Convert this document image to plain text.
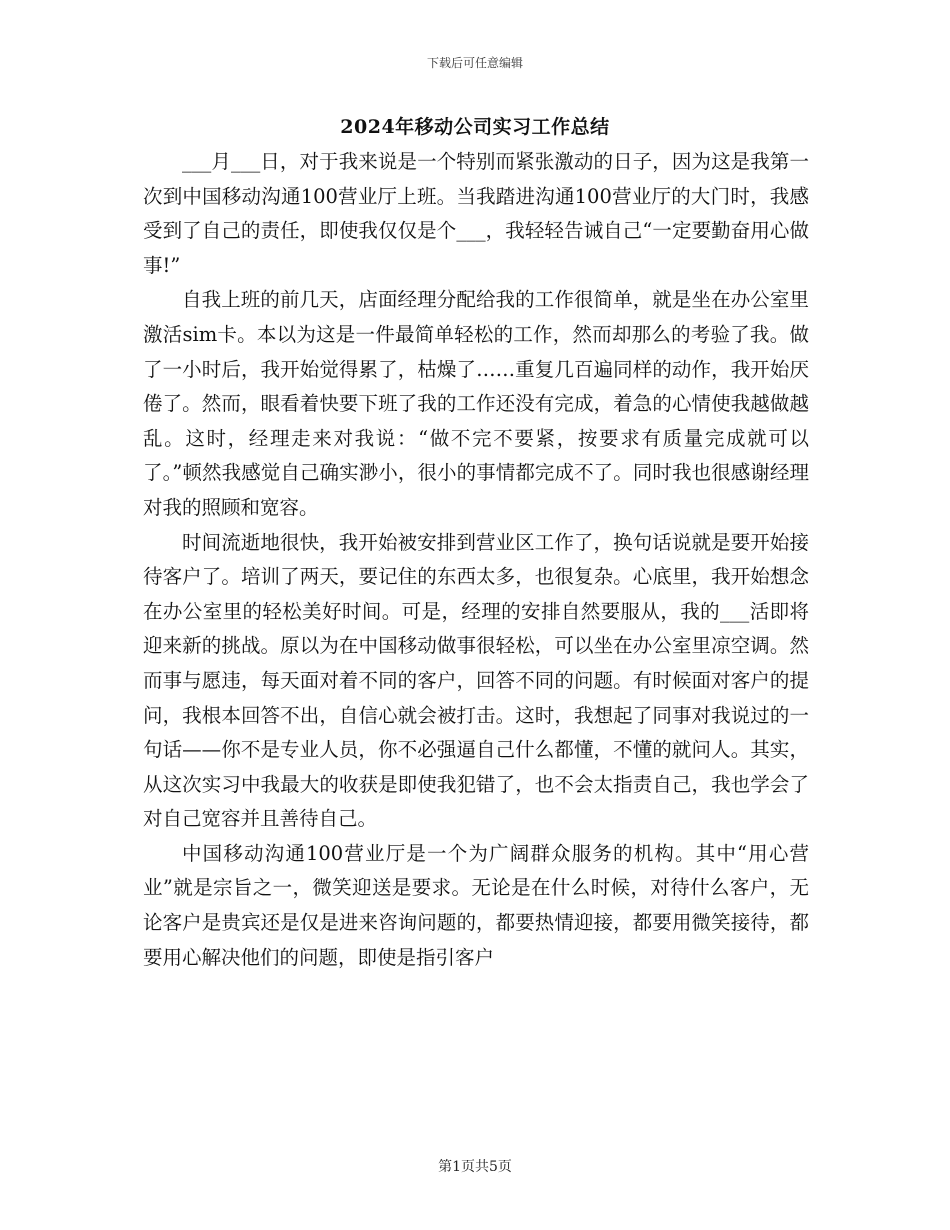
下载后可任意编辑
2024年移动公司实习工作总结

___月___日，对于我来说是一个特别而紧张激动的日子，因为这是我第一次到中国移动沟通100营业厅上班。当我踏进沟通100营业厅的大门时，我感受到了自己的责任，即使我仅仅是个___，我轻轻告诫自己“一定要勤奋用心做事!”

自我上班的前几天，店面经理分配给我的工作很简单，就是坐在办公室里激活sim卡。本以为这是一件最简单轻松的工作，然而却那么的考验了我。做了一小时后，我开始觉得累了，枯燥了……重复几百遍同样的动作，我开始厌倦了。然而，眼看着快要下班了我的工作还没有完成，着急的心情使我越做越乱。这时，经理走来对我说：“做不完不要紧，按要求有质量完成就可以了。”顿然我感觉自己确实渺小，很小的事情都完成不了。同时我也很感谢经理对我的照顾和宽容。

时间流逝地很快，我开始被安排到营业区工作了，换句话说就是要开始接待客户了。培训了两天，要记住的东西太多，也很复杂。心底里，我开始想念在办公室里的轻松美好时间。可是，经理的安排自然要服从，我的___活即将迎来新的挑战。原以为在中国移动做事很轻松，可以坐在办公室里凉空调。然而事与愿违，每天面对着不同的客户，回答不同的问题。有时候面对客户的提问，我根本回答不出，自信心就会被打击。这时，我想起了同事对我说过的一句话——你不是专业人员，你不必强逼自己什么都懂，不懂的就问人。其实，从这次实习中我最大的收获是即使我犯错了，也不会太指责自己，我也学会了对自己宽容并且善待自己。

中国移动沟通100营业厅是一个为广阔群众服务的机构。其中“用心营业”就是宗旨之一，微笑迎送是要求。无论是在什么时候，对待什么客户，无论客户是贵宾还是仅是进来咨询问题的，都要热情迎接，都要用微笑接待，都要用心解决他们的问题，即使是指引客户

第1页共5页
